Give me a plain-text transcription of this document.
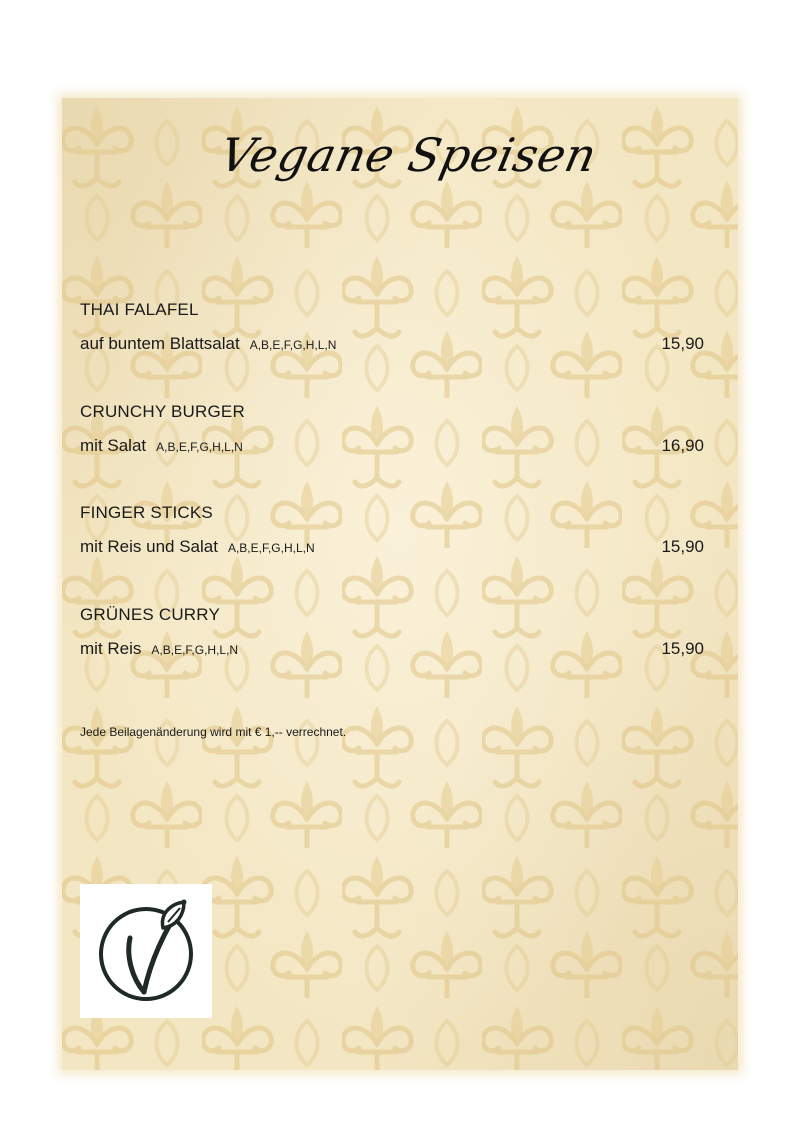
Vegane Speisen
THAI FALAFEL
auf buntem Blattsalat A,B,E,F,G,H,L,N	15,90
CRUNCHY BURGER
mit Salat A,B,E,F,G,H,L,N	16,90
FINGER STICKS
mit Reis und Salat A,B,E,F,G,H,L,N	15,90
GRÜNES CURRY
mit Reis A,B,E,F,G,H,L,N	15,90
Jede Beilagenänderung wird mit € 1,-- verrechnet.
